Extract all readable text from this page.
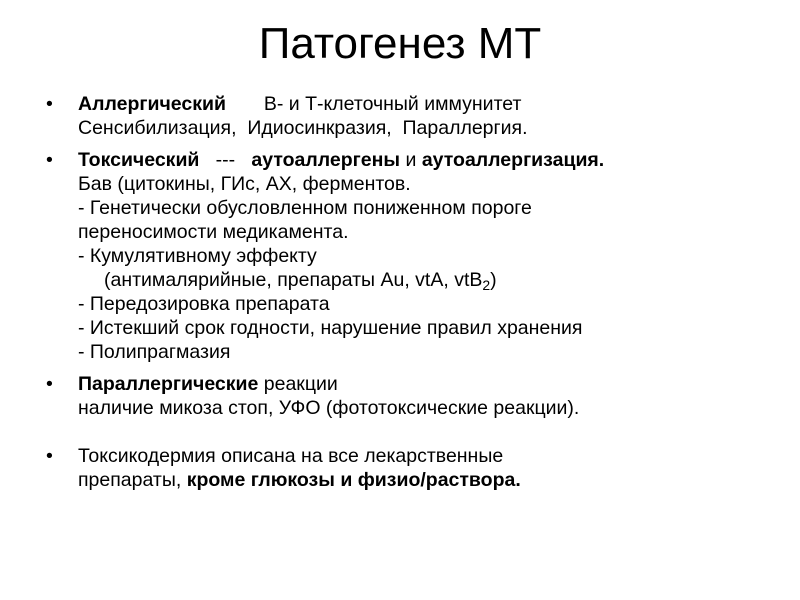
Патогенез МТ
•	Аллергический       В- и Т-клеточный иммунитет
Сенсибилизация,  Идиосинкразия,  Параллергия.
•	Токсический   ---   аутоаллергены и аутоаллергизация.
Бав (цитокины, ГИс, АХ, ферментов.
- Генетически обусловленном пониженном пороге
переносимости медикамента.
- Кумулятивному эффекту
(антималярийные, препараты Au, vtA, vtB$_2$)
- Передозировка препарата
- Истекший срок годности, нарушение правил хранения
- Полипрагмазия
•	Параллергические реакции
наличие микоза стоп, УФО (фототоксические реакции).
•	Токсикодермия описана на все лекарственные
препараты, кроме глюкозы и физио/раствора.
